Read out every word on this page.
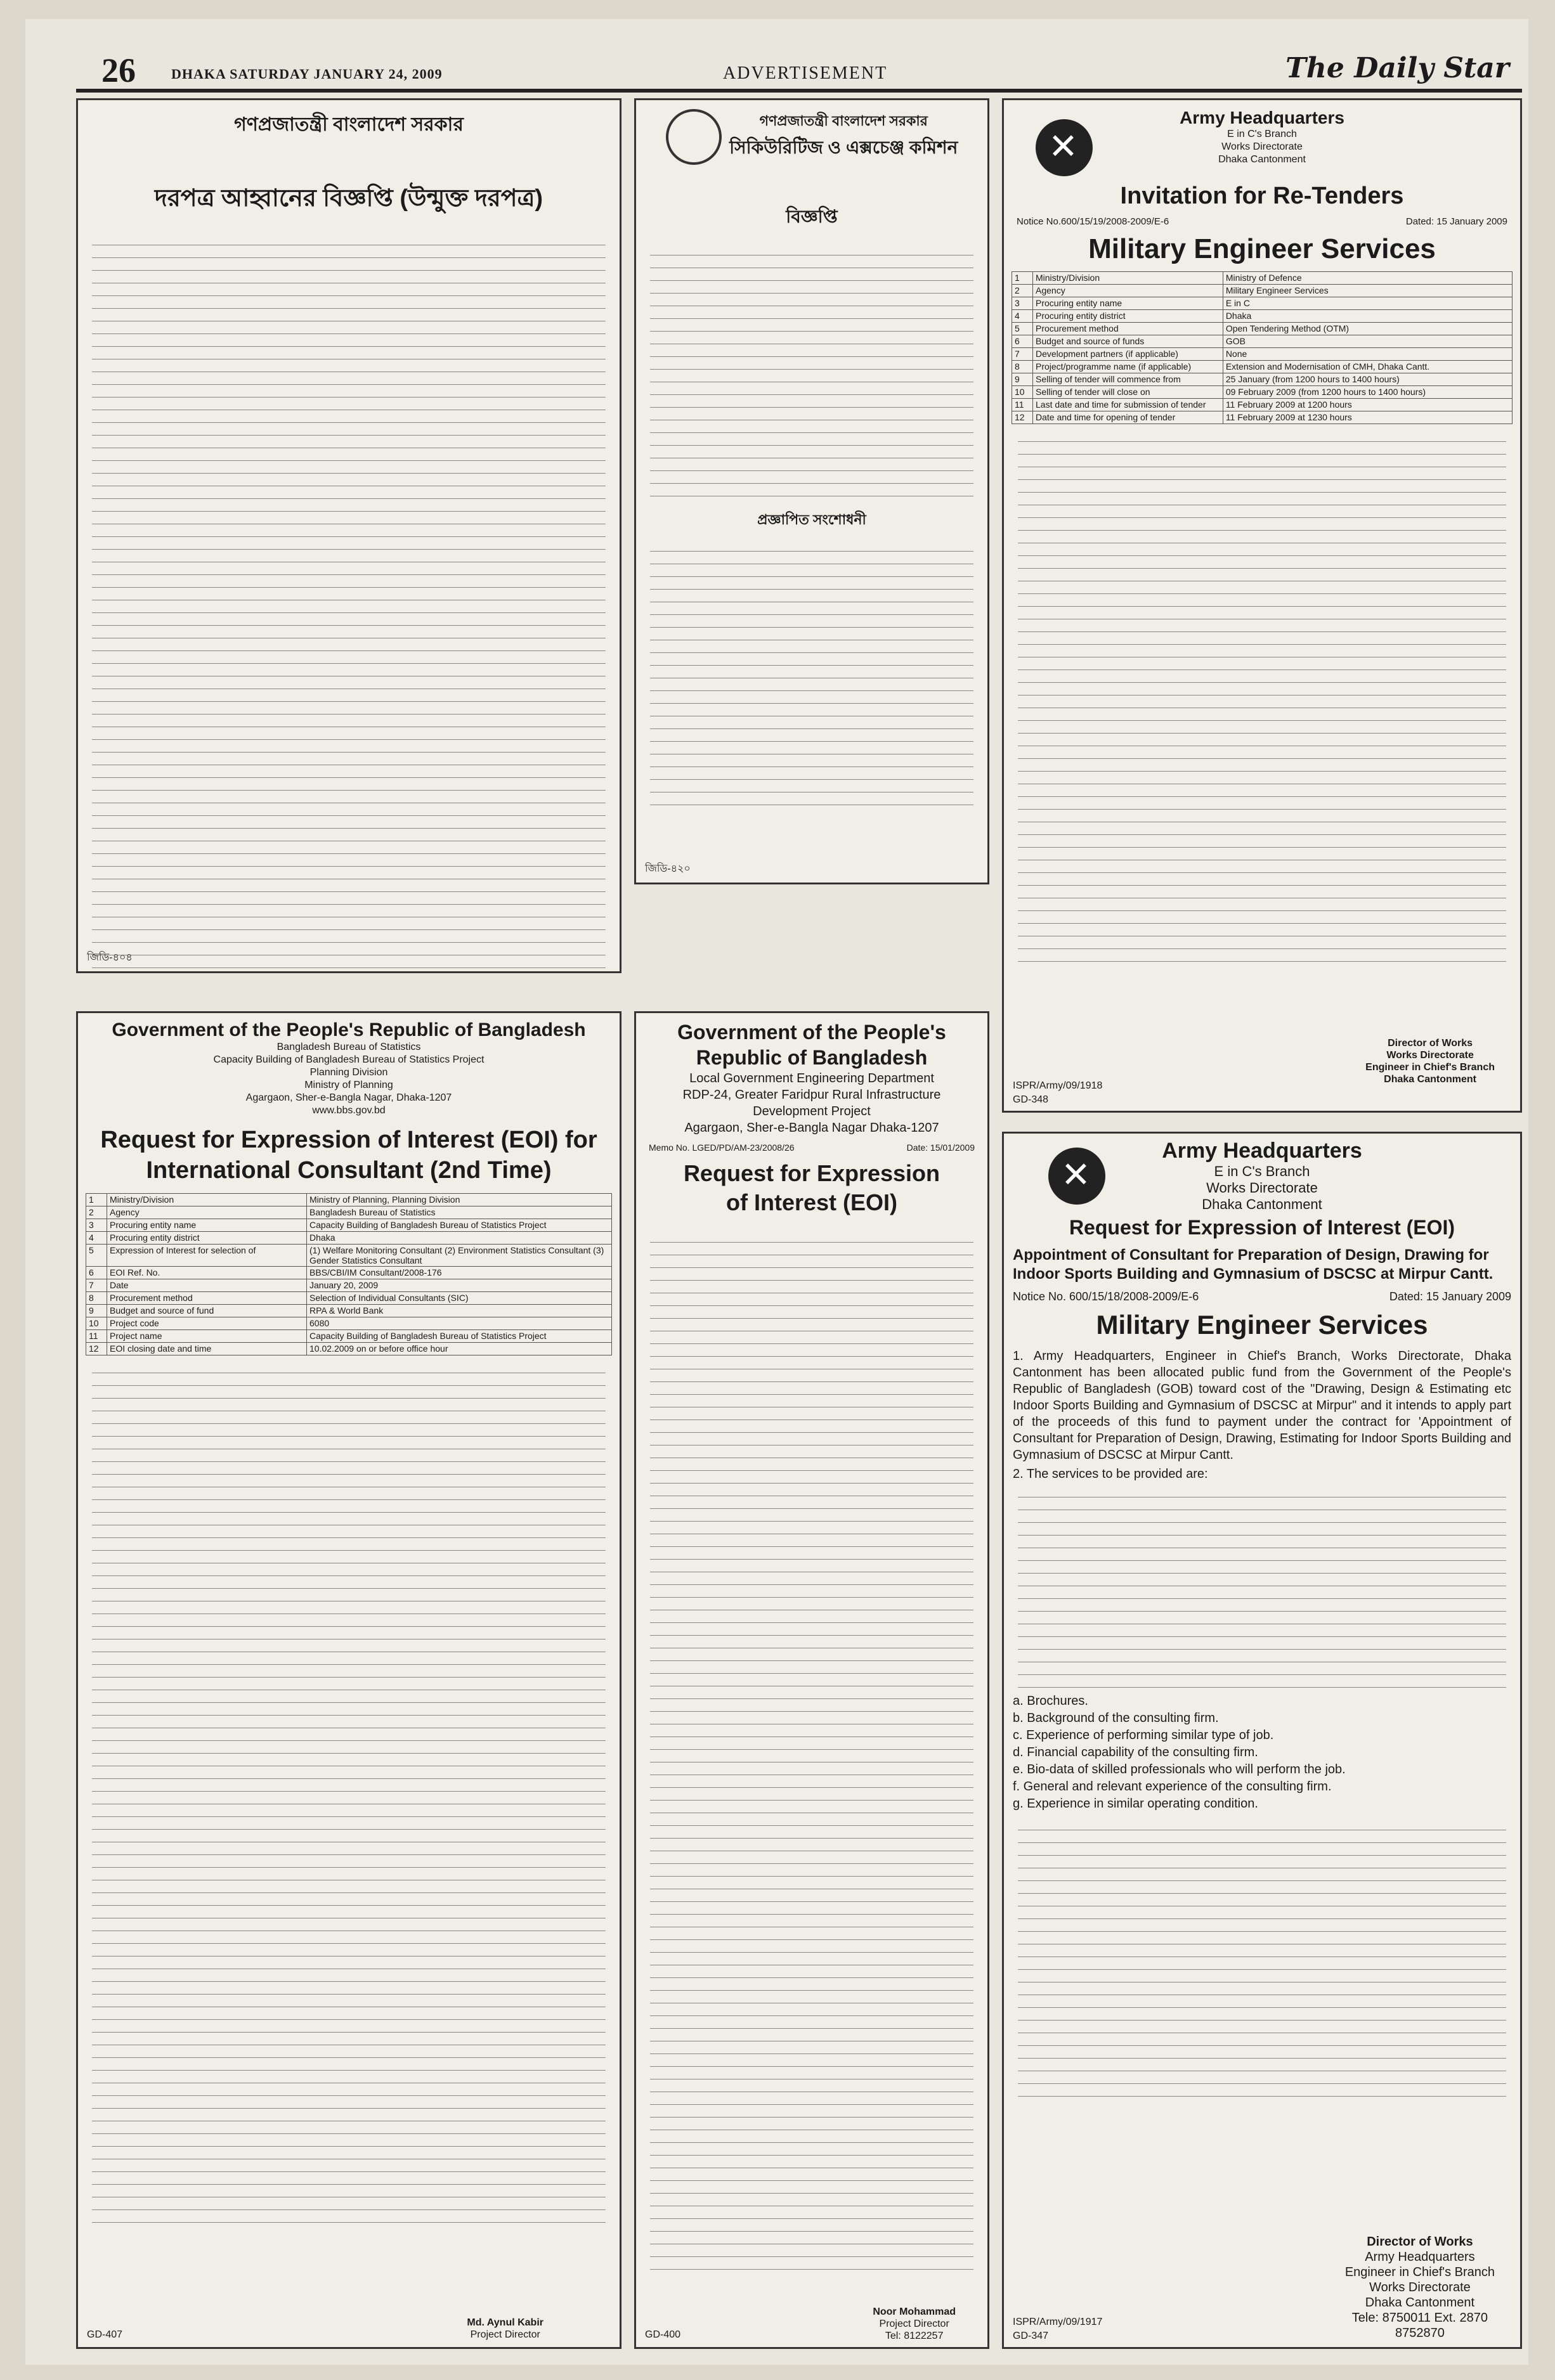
26	DHAKA SATURDAY JANUARY 24, 2009	ADVERTISEMENT	The Daily Star
গণপ্রজাতন্ত্রী বাংলাদেশ সরকার
দরপত্র আহ্বানের বিজ্ঞপ্তি (উন্মুক্ত দরপত্র)
জিডি-৪০৪

গণপ্রজাতন্ত্রী বাংলাদেশ সরকার
সিকিউরিটিজ ও এক্সচেঞ্জ কমিশন
বিজ্ঞপ্তি
প্রজ্ঞাপিত সংশোধনী
জিডি-৪২০
✕
Army Headquarters
E in C's Branch
Works Directorate
Dhaka Cantonment
Invitation for Re-Tenders
Notice No.600/15/19/2008-2009/E-6	Dated: 15 January 2009
Military Engineer Services
1	Ministry/Division	Ministry of Defence
2	Agency	Military Engineer Services
3	Procuring entity name	E in C
4	Procuring entity district	Dhaka
5	Procurement method	Open Tendering Method (OTM)
6	Budget and source of funds	GOB
7	Development partners (if applicable)	None
8	Project/programme name (if applicable)	Extension and Modernisation of CMH, Dhaka Cantt.
9	Selling of tender will commence from	25 January (from 1200 hours to 1400 hours)
10	Selling of tender will close on	09 February 2009 (from 1200 hours to 1400 hours)
11	Last date and time for submission of tender	11 February 2009 at 1200 hours
12	Date and time for opening of tender	11 February 2009 at 1230 hours
Director of Works
Works Directorate
Engineer in Chief's Branch
Dhaka Cantonment
ISPR/Army/09/1918
GD-348
Government of the People's Republic of Bangladesh
Bangladesh Bureau of Statistics
Capacity Building of Bangladesh Bureau of Statistics Project
Planning Division
Ministry of Planning
Agargaon, Sher-e-Bangla Nagar, Dhaka-1207
www.bbs.gov.bd
Request for Expression of Interest (EOI) for International Consultant (2nd Time)
1	Ministry/Division	Ministry of Planning, Planning Division
2	Agency	Bangladesh Bureau of Statistics
3	Procuring entity name	Capacity Building of Bangladesh Bureau of Statistics Project
4	Procuring entity district	Dhaka
5	Expression of Interest for selection of	(1) Welfare Monitoring Consultant (2) Environment Statistics Consultant (3) Gender Statistics Consultant
6	EOI Ref. No.	BBS/CBI/IM Consultant/2008-176
7	Date	January 20, 2009
8	Procurement method	Selection of Individual Consultants (SIC)
9	Budget and source of fund	RPA & World Bank
10	Project code	6080
11	Project name	Capacity Building of Bangladesh Bureau of Statistics Project
12	EOI closing date and time	10.02.2009 on or before office hour
Md. Aynul Kabir
Project Director
GD-407
Government of the People's Republic of Bangladesh
Local Government Engineering Department
RDP-24, Greater Faridpur Rural Infrastructure Development Project
Agargaon, Sher-e-Bangla Nagar Dhaka-1207
Memo No. LGED/PD/AM-23/2008/26	Date: 15/01/2009
Request for Expression of Interest (EOI)
Noor Mohammad
Project Director
Tel: 8122257
GD-400
✕
Army Headquarters
E in C's Branch
Works Directorate
Dhaka Cantonment
Request for Expression of Interest (EOI)
Appointment of Consultant for Preparation of Design, Drawing for Indoor Sports Building and Gymnasium of DSCSC at Mirpur Cantt.
Notice No. 600/15/18/2008-2009/E-6	Dated: 15 January 2009
Military Engineer Services
1. Army Headquarters, Engineer in Chief's Branch, Works Directorate, Dhaka Cantonment has been allocated public fund from the Government of the People's Republic of Bangladesh (GOB) toward cost of the "Drawing, Design & Estimating etc Indoor Sports Building and Gymnasium of DSCSC at Mirpur" and it intends to apply part of the proceeds of this fund to payment under the contract for 'Appointment of Consultant for Preparation of Design, Drawing, Estimating for Indoor Sports Building and Gymnasium of DSCSC at Mirpur Cantt.
2. The services to be provided are:
a. Brochures.
b. Background of the consulting firm.
c. Experience of performing similar type of job.
d. Financial capability of the consulting firm.
e. Bio-data of skilled professionals who will perform the job.
f. General and relevant experience of the consulting firm.
g. Experience in similar operating condition.
Director of Works
Army Headquarters
Engineer in Chief's Branch
Works Directorate
Dhaka Cantonment
Tele: 8750011 Ext. 2870
8752870
ISPR/Army/09/1917
GD-347
